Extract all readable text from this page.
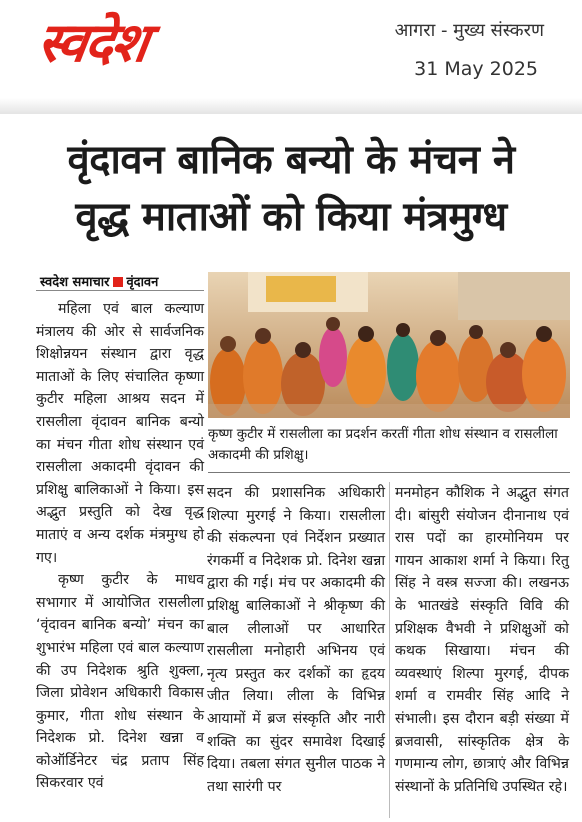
स्वदेश	आगरा - मुख्य संस्करण
31 May 2025
वृंदावन बानिक बन्यो के मंचन ने
वृद्ध माताओं को किया मंत्रमुग्ध
स्वदेश समाचार वृंदावन

महिला एवं बाल कल्याण मंत्रालय की ओर से सार्वजनिक शिक्षोन्नयन संस्थान द्वारा वृद्ध माताओं के लिए संचालित कृष्णा कुटीर महिला आश्रय सदन में रासलीला वृंदावन बानिक बन्यो का मंचन गीता शोध संस्थान एवं रासलीला अकादमी वृंदावन की प्रशिक्षु बालिकाओं ने किया। इस अद्भुत प्रस्तुति को देख वृद्ध माताएं व अन्य दर्शक मंत्रमुग्ध हो गए।

कृष्ण कुटीर के माधव सभागार में आयोजित रासलीला ‘वृंदावन बानिक बन्यो’ मंचन का शुभारंभ महिला एवं बाल कल्याण की उप निदेशक श्रुति शुक्ला, जिला प्रोवेशन अधिकारी विकास कुमार, गीता शोध संस्थान के निदेशक प्रो. दिनेश खन्ना व कोऑर्डिनेटर चंद्र प्रताप सिंह सिकरवार एवं

कृष्ण कुटीर में रासलीला का प्रदर्शन करतीं गीता शोध संस्थान व रासलीला अकादमी की प्रशिक्षु।

सदन की प्रशासनिक अधिकारी शिल्पा मुरगई ने किया। रासलीला की संकल्पना एवं निर्देशन प्रख्यात रंगकर्मी व निदेशक प्रो. दिनेश खन्ना द्वारा की गई। मंच पर अकादमी की प्रशिक्षु बालिकाओं ने श्रीकृष्ण की बाल लीलाओं पर आधारित रासलीला मनोहारी अभिनय एवं नृत्य प्रस्तुत कर दर्शकों का हृदय जीत लिया। लीला के विभिन्न आयामों में ब्रज संस्कृति और नारी शक्ति का सुंदर समावेश दिखाई दिया। तबला संगत सुनील पाठक ने तथा सारंगी पर

मनमोहन कौशिक ने अद्भुत संगत दी। बांसुरी संयोजन दीनानाथ एवं रास पदों का हारमोनियम पर गायन आकाश शर्मा ने किया। रितु सिंह ने वस्त्र सज्जा की। लखनऊ के भातखंडे संस्कृति विवि की प्रशिक्षक वैभवी ने प्रशिक्षुओं को कथक सिखाया। मंचन की व्यवस्थाएं शिल्पा मुरगई, दीपक शर्मा व रामवीर सिंह आदि ने संभाली। इस दौरान बड़ी संख्या में ब्रजवासी, सांस्कृतिक क्षेत्र के गणमान्य लोग, छात्राएं और विभिन्न संस्थानों के प्रतिनिधि उपस्थित रहे।
